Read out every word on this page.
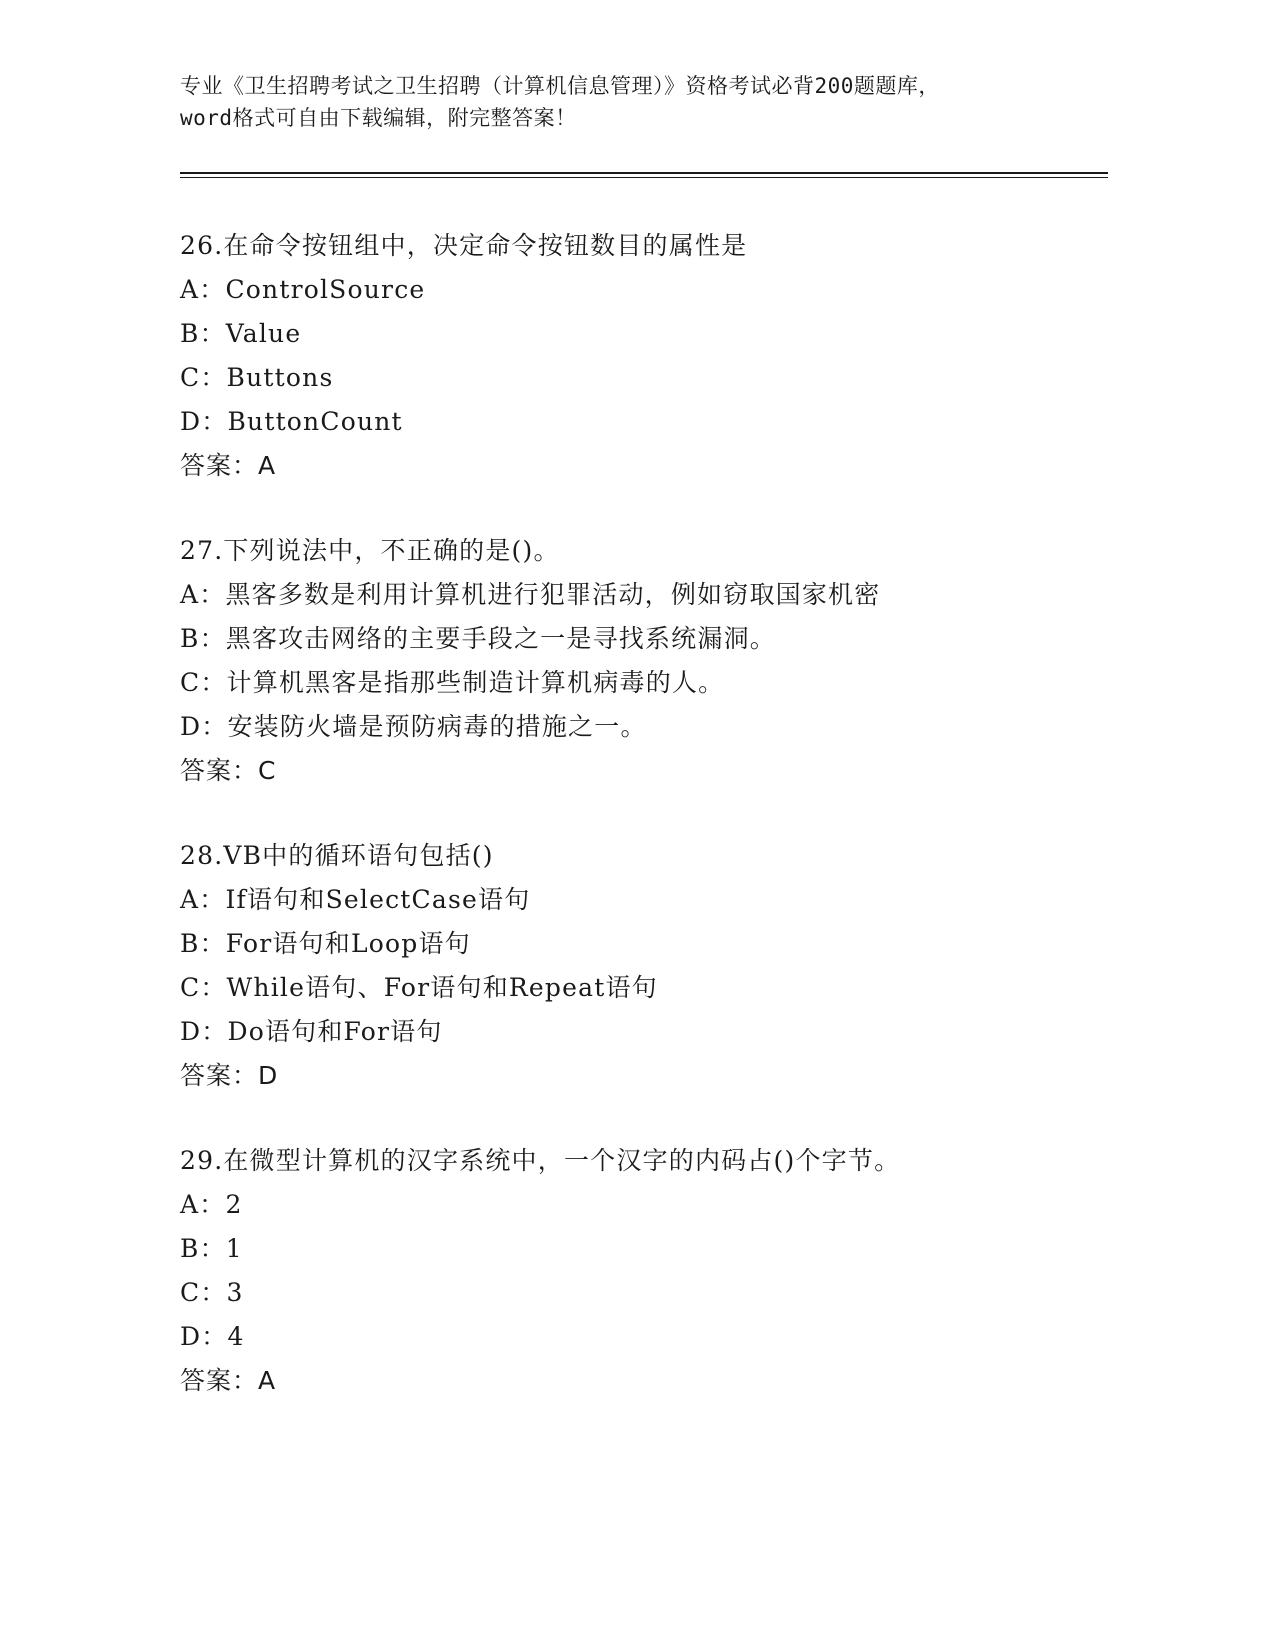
专业《卫生招聘考试之卫生招聘（计算机信息管理）》资格考试必背200题题库，
word格式可自由下载编辑，附完整答案！
26.在命令按钮组中，决定命令按钮数目的属性是
A：ControlSource
B：Value
C：Buttons
D：ButtonCount
答案：A
27.下列说法中，不正确的是()。
A：黑客多数是利用计算机进行犯罪活动，例如窃取国家机密
B：黑客攻击网络的主要手段之一是寻找系统漏洞。
C：计算机黑客是指那些制造计算机病毒的人。
D：安装防火墙是预防病毒的措施之一。
答案：C
28.VB中的循环语句包括()
A：If语句和SelectCase语句
B：For语句和Loop语句
C：While语句、For语句和Repeat语句
D：Do语句和For语句
答案：D
29.在微型计算机的汉字系统中，一个汉字的内码占()个字节。
A：2
B：1
C：3
D：4
答案：A
